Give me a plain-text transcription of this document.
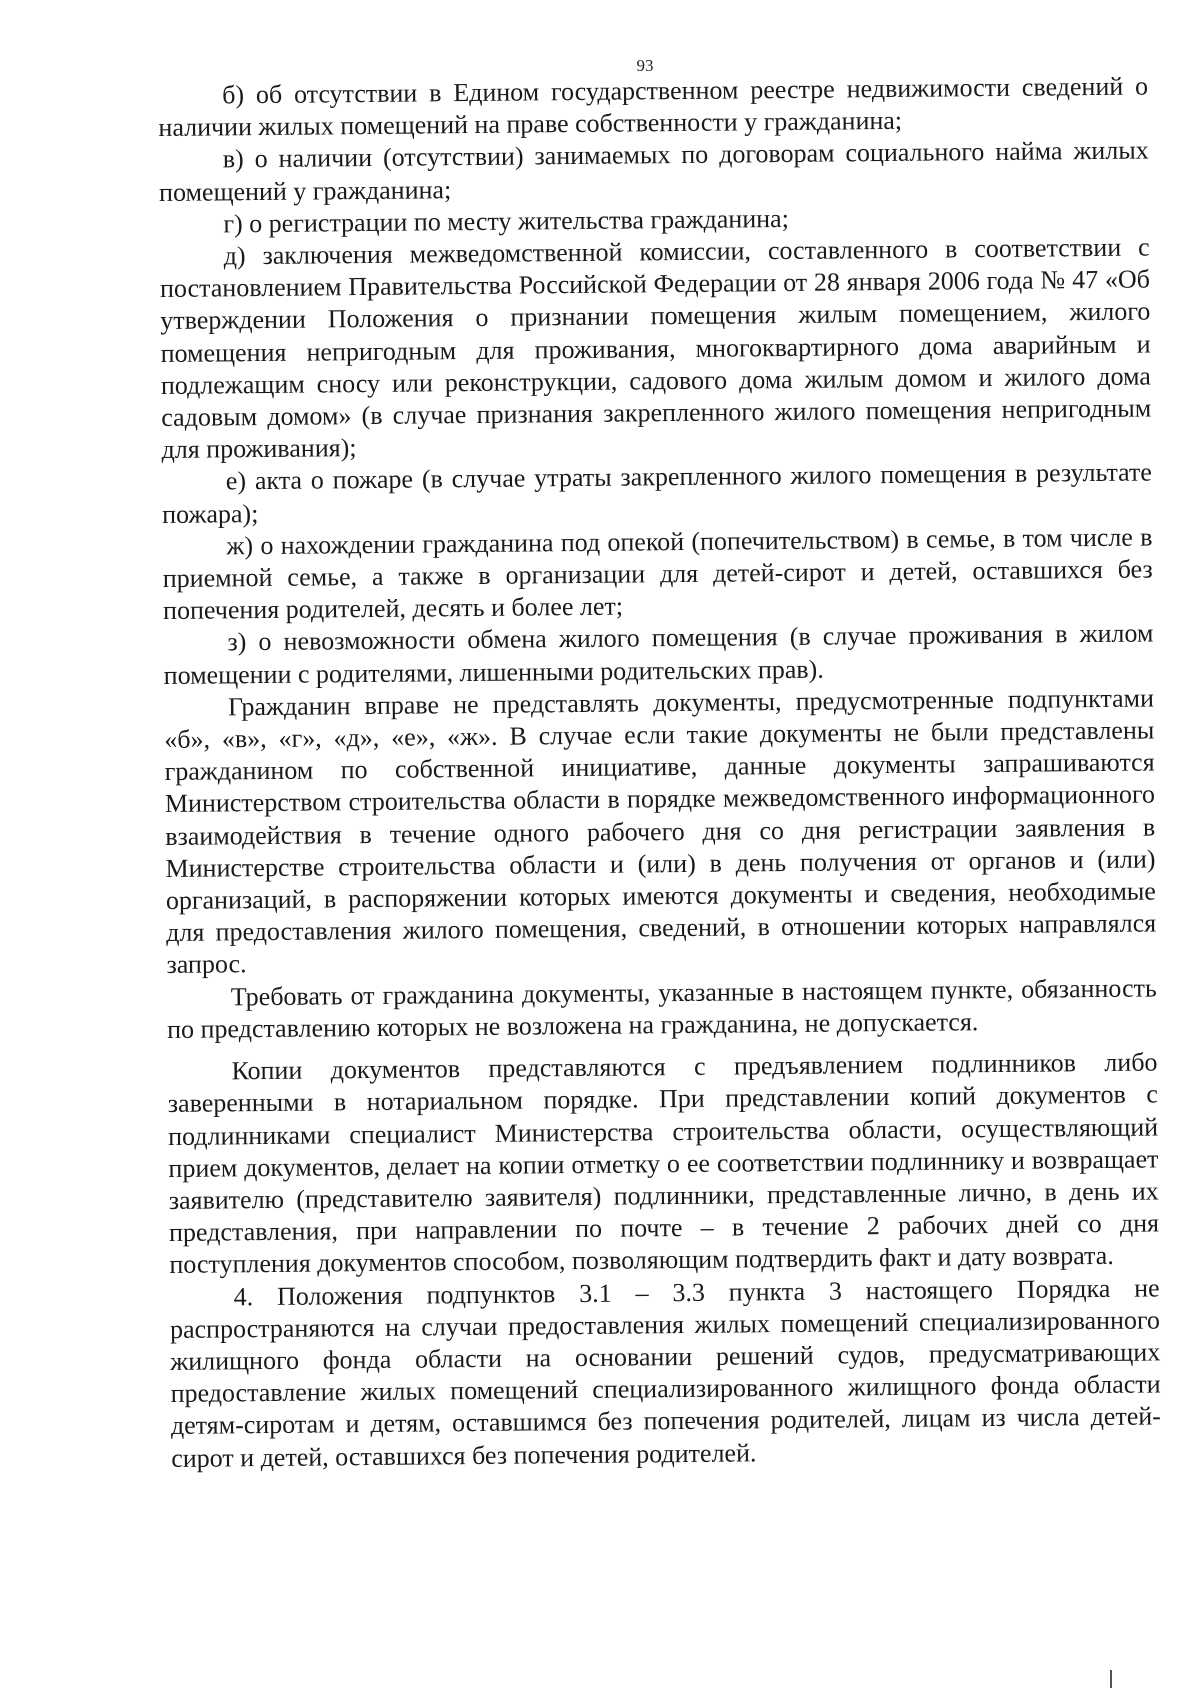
93

б) об отсутствии в Едином государственном реестре недвижимости сведений о наличии жилых помещений на праве собственности у гражданина;

в) о наличии (отсутствии) занимаемых по договорам социального найма жилых помещений у гражданина;

г) о регистрации по месту жительства гражданина;

д) заключения межведомственной комиссии, составленного в соответствии с постановлением Правительства Российской Федерации от 28 января 2006 года № 47 «Об утверждении Положения о признании помещения жилым помещением, жилого помещения непригодным для проживания, многоквартирного дома аварийным и подлежащим сносу или реконструкции, садового дома жилым домом и жилого дома садовым домом» (в случае признания закрепленного жилого помещения непригодным для проживания);

е) акта о пожаре (в случае утраты закрепленного жилого помещения в результате пожара);

ж) о нахождении гражданина под опекой (попечительством) в семье, в том числе в приемной семье, а также в организации для детей-сирот и детей, оставшихся без попечения родителей, десять и более лет;

з) о невозможности обмена жилого помещения (в случае проживания в жилом помещении с родителями, лишенными родительских прав).

Гражданин вправе не представлять документы, предусмотренные подпунктами «б», «в», «г», «д», «е», «ж». В случае если такие документы не были представлены гражданином по собственной инициативе, данные документы запрашиваются Министерством строительства области в порядке межведомственного информационного взаимодействия в течение одного рабочего дня со дня регистрации заявления в Министерстве строительства области и (или) в день получения от органов и (или) организаций, в распоряжении которых имеются документы и сведения, необходимые для предоставления жилого помещения, сведений, в отношении которых направлялся запрос.

Требовать от гражданина документы, указанные в настоящем пункте, обязанность по представлению которых не возложена на гражданина, не допускается.

Копии документов представляются с предъявлением подлинников либо заверенными в нотариальном порядке. При представлении копий документов с подлинниками специалист Министерства строительства области, осуществляющий прием документов, делает на копии отметку о ее соответствии подлиннику и возвращает заявителю (представителю заявителя) подлинники, представленные лично, в день их представления, при направлении по почте – в течение 2 рабочих дней со дня поступления документов способом, позволяющим подтвердить факт и дату возврата.

4. Положения подпунктов 3.1 – 3.3 пункта 3 настоящего Порядка не распространяются на случаи предоставления жилых помещений специализированного жилищного фонда области на основании решений судов, предусматривающих предоставление жилых помещений специализированного жилищного фонда области детям-сиротам и детям, оставшимся без попечения родителей, лицам из числа детей-сирот и детей, оставшихся без попечения родителей.
